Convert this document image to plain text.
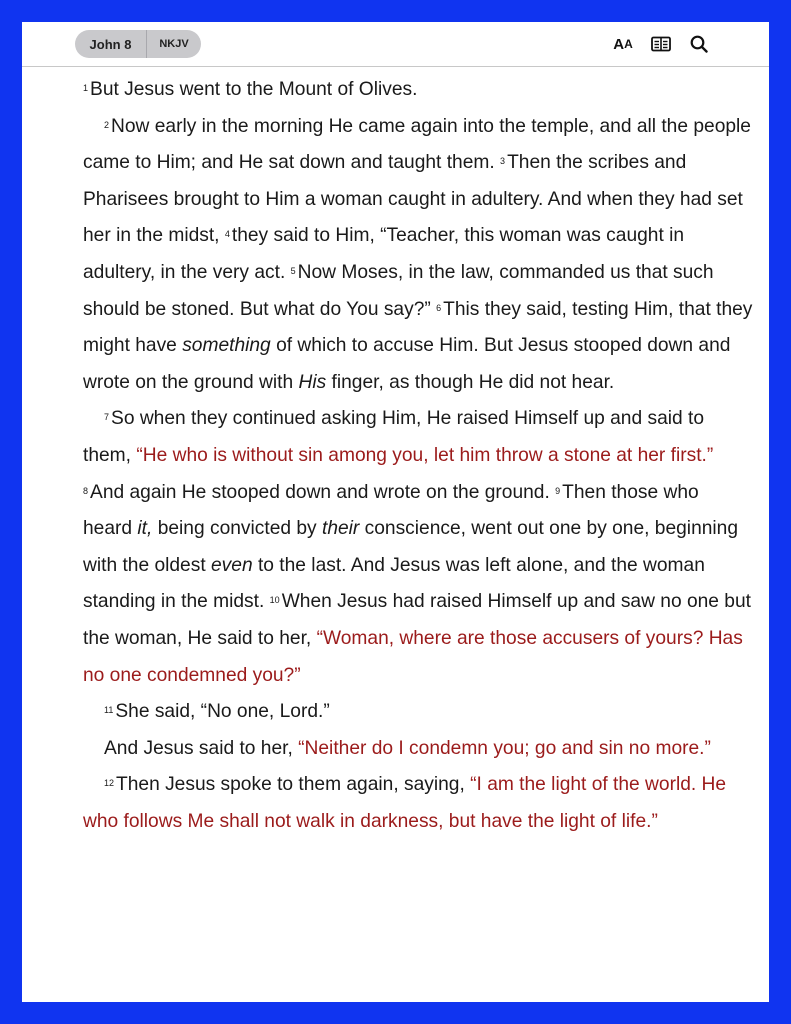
John 8	NKJV	A A

$^1$ But Jesus went to the Mount of Olives.

$^2$ Now early in the morning He came again into the temple, and all the people came to Him; and He sat down and taught them. $^3$ Then the scribes and Pharisees brought to Him a woman caught in adultery. And when they had set her in the midst, $^4$ they said to Him, “Teacher, this woman was caught in adultery, in the very act. $^5$ Now Moses, in the law, commanded us that such should be stoned. But what do You say?” $^6$ This they said, testing Him, that they might have something of which to accuse Him. But Jesus stooped down and wrote on the ground with His finger, as though He did not hear.

$^7$ So when they continued asking Him, He raised Himself up and said to them, “He who is without sin among you, let him throw a stone at her first.” $^8$ And again He stooped down and wrote on the ground. $^9$ Then those who heard it, being convicted by their conscience, went out one by one, beginning with the oldest even to the last. And Jesus was left alone, and the woman standing in the midst. $^{10}$ When Jesus had raised Himself up and saw no one but the woman, He said to her, “Woman, where are those accusers of yours? Has no one condemned you?”

$^{11}$ She said, “No one, Lord.”

And Jesus said to her, “Neither do I condemn you; go and sin no more.”

$^{12}$ Then Jesus spoke to them again, saying, “I am the light of the world. He who follows Me shall not walk in darkness, but have the light of life.”
